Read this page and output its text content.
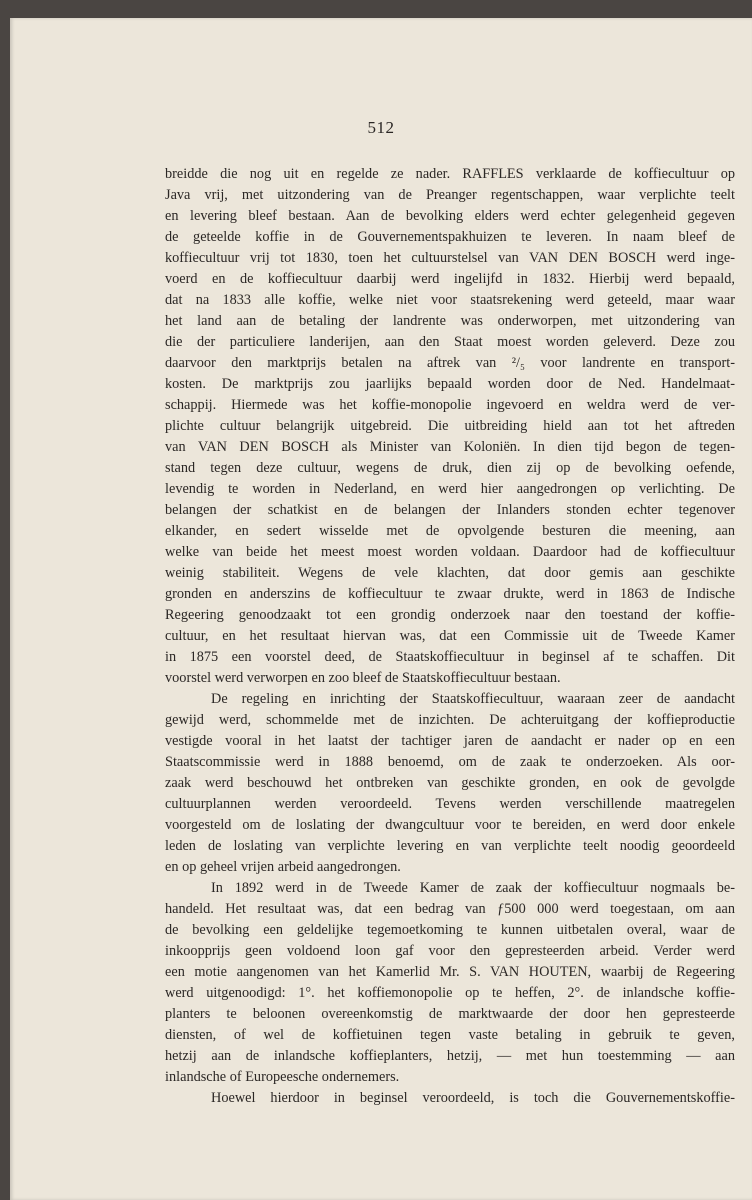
512
breidde die nog uit en regelde ze nader. RAFFLES verklaarde de koffiecultuur op
Java vrij, met uitzondering van de Preanger regentschappen, waar verplichte teelt
en levering bleef bestaan. Aan de bevolking elders werd echter gelegenheid gegeven
de geteelde koffie in de Gouvernementspakhuizen te leveren. In naam bleef de
koffiecultuur vrij tot 1830, toen het cultuurstelsel van VAN DEN BOSCH werd inge-
voerd en de koffiecultuur daarbij werd ingelijfd in 1832. Hierbij werd bepaald,
dat na 1833 alle koffie, welke niet voor staatsrekening werd geteeld, maar waar
het land aan de betaling der landrente was onderworpen, met uitzondering van
die der particuliere landerijen, aan den Staat moest worden geleverd. Deze zou
daarvoor den marktprijs betalen na aftrek van ²/₅ voor landrente en transport-
kosten. De marktprijs zou jaarlijks bepaald worden door de Ned. Handelmaat-
schappij. Hiermede was het koffie-monopolie ingevoerd en weldra werd de ver-
plichte cultuur belangrijk uitgebreid. Die uitbreiding hield aan tot het aftreden
van VAN DEN BOSCH als Minister van Koloniën. In dien tijd begon de tegen-
stand tegen deze cultuur, wegens de druk, dien zij op de bevolking oefende,
levendig te worden in Nederland, en werd hier aangedrongen op verlichting. De
belangen der schatkist en de belangen der Inlanders stonden echter tegenover
elkander, en sedert wisselde met de opvolgende besturen die meening, aan
welke van beide het meest moest worden voldaan. Daardoor had de koffiecultuur
weinig stabiliteit. Wegens de vele klachten, dat door gemis aan geschikte
gronden en anderszins de koffiecultuur te zwaar drukte, werd in 1863 de Indische
Regeering genoodzaakt tot een grondig onderzoek naar den toestand der koffie-
cultuur, en het resultaat hiervan was, dat een Commissie uit de Tweede Kamer
in 1875 een voorstel deed, de Staatskoffiecultuur in beginsel af te schaffen. Dit
voorstel werd verworpen en zoo bleef de Staatskoffiecultuur bestaan.
De regeling en inrichting der Staatskoffiecultuur, waaraan zeer de aandacht
gewijd werd, schommelde met de inzichten. De achteruitgang der koffieproductie
vestigde vooral in het laatst der tachtiger jaren de aandacht er nader op en een
Staatscommissie werd in 1888 benoemd, om de zaak te onderzoeken. Als oor-
zaak werd beschouwd het ontbreken van geschikte gronden, en ook de gevolgde
cultuurplannen werden veroordeeld. Tevens werden verschillende maatregelen
voorgesteld om de loslating der dwangcultuur voor te bereiden, en werd door enkele
leden de loslating van verplichte levering en van verplichte teelt noodig geoordeeld
en op geheel vrijen arbeid aangedrongen.
In 1892 werd in de Tweede Kamer de zaak der koffiecultuur nogmaals be-
handeld. Het resultaat was, dat een bedrag van ƒ500 000 werd toegestaan, om aan
de bevolking een geldelijke tegemoetkoming te kunnen uitbetalen overal, waar de
inkoopprijs geen voldoend loon gaf voor den gepresteerden arbeid. Verder werd
een motie aangenomen van het Kamerlid Mr. S. VAN HOUTEN, waarbij de Regeering
werd uitgenoodigd: 1°. het koffiemonopolie op te heffen, 2°. de inlandsche koffie-
planters te beloonen overeenkomstig de marktwaarde der door hen gepresteerde
diensten, of wel de koffietuinen tegen vaste betaling in gebruik te geven,
hetzij aan de inlandsche koffieplanters, hetzij, — met hun toestemming — aan
inlandsche of Europeesche ondernemers.
Hoewel hierdoor in beginsel veroordeeld, is toch die Gouvernementskoffie-
